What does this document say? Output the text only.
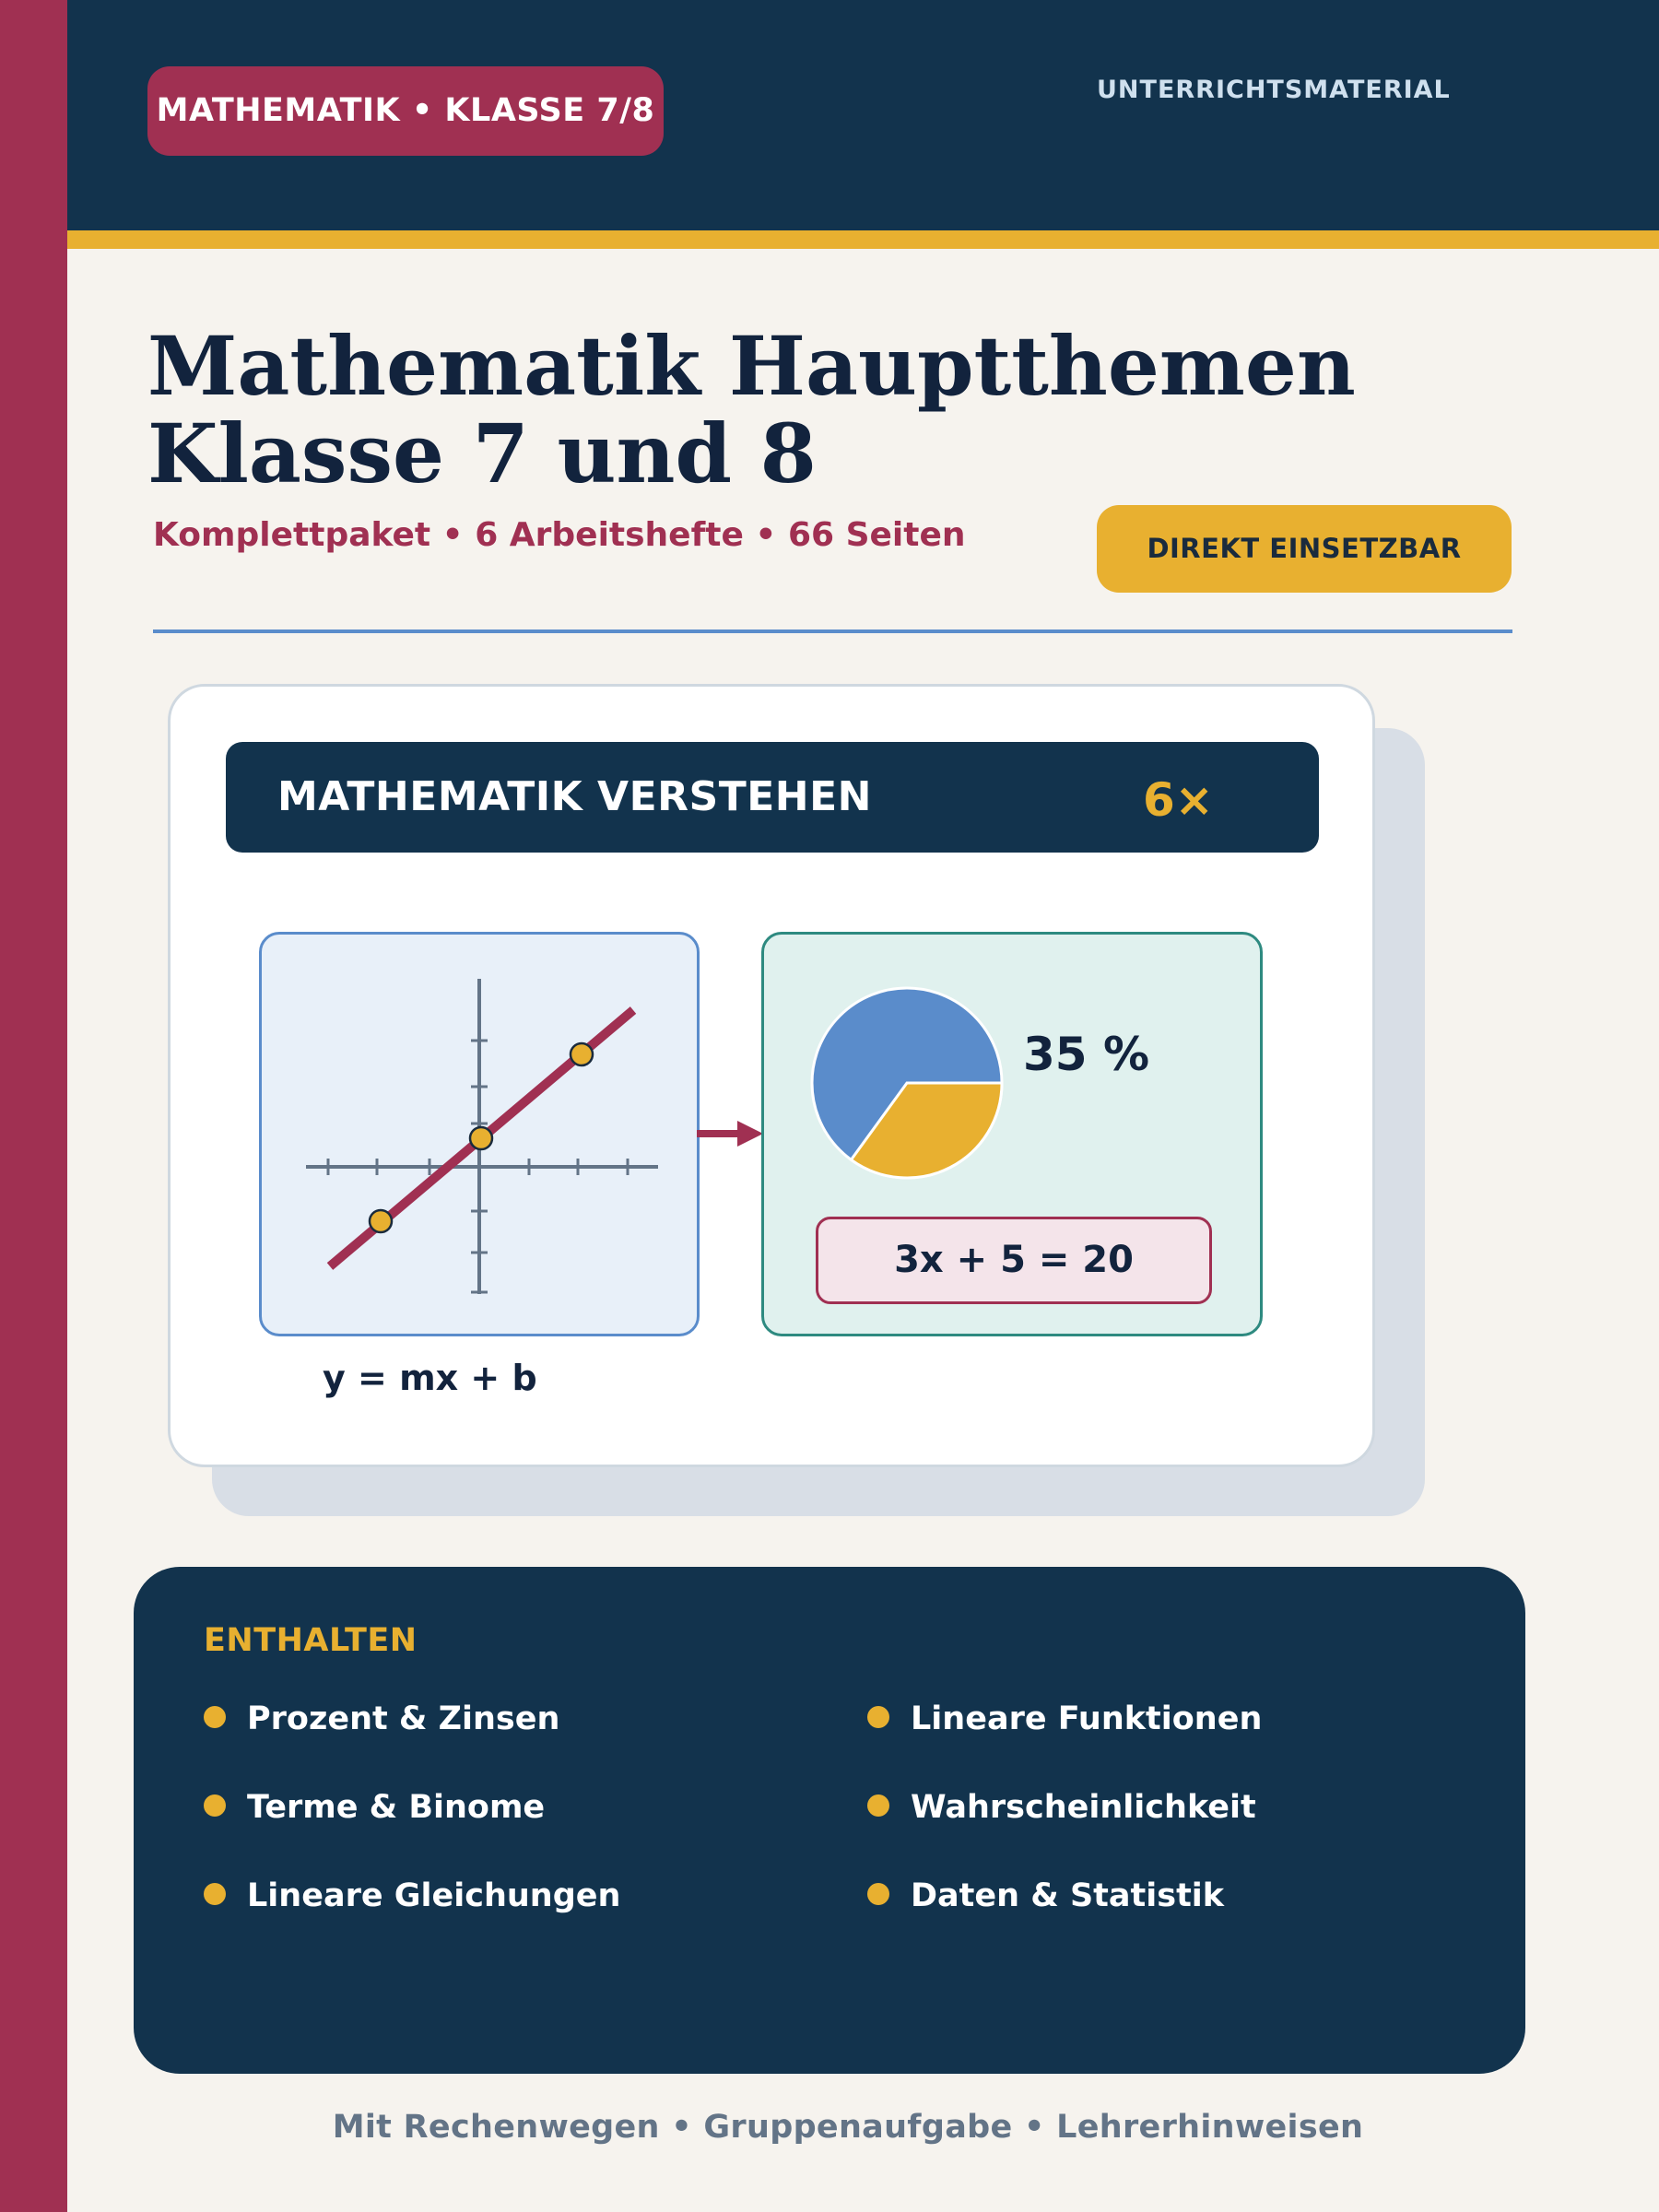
MATHEMATIK • KLASSE 7/8
UNTERRICHTSMATERIAL
Mathematik Hauptthemen
Klasse 7 und 8
Komplettpaket • 6 Arbeitshefte • 66 Seiten	DIREKT EINSETZBAR
MATHEMATIK VERSTEHEN	6×
35 %
3x + 5 = 20
y = mx + b
ENTHALTEN
Prozent & Zinsen
Terme & Binome
Lineare Gleichungen
Lineare Funktionen
Wahrscheinlichkeit
Daten & Statistik
Mit Rechenwegen • Gruppenaufgabe • Lehrerhinweisen
